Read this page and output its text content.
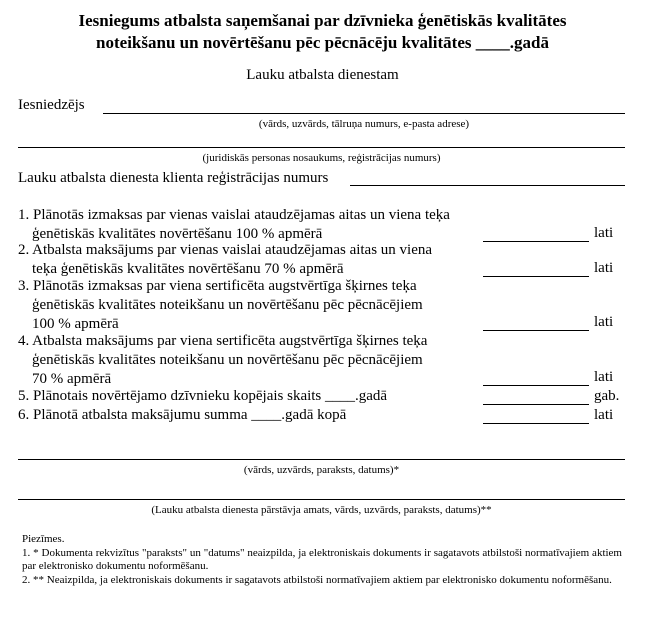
Iesniegums atbalsta saņemšanai par dzīvnieka ģenētiskās kvalitātes
noteikšanu un novērtēšanu pēc pēcnācēju kvalitātes ____.gadā
Lauku atbalsta dienestam
Iesniedzējs
(vārds, uzvārds, tālruņa numurs, e-pasta adrese)
(juridiskās personas nosaukums, reģistrācijas numurs)
Lauku atbalsta dienesta klienta reģistrācijas numurs
1. Plānotās izmaksas par vienas vaislai ataudzējamas aitas un viena teķa
ģenētiskās kvalitātes novērtēšanu 100 % apmērā	lati
2. Atbalsta maksājums par vienas vaislai ataudzējamas aitas un viena
teķa ģenētiskās kvalitātes novērtēšanu 70 % apmērā	lati
3. Plānotās izmaksas par viena sertificēta augstvērtīga šķirnes teķa
ģenētiskās kvalitātes noteikšanu un novērtēšanu pēc pēcnācējiem
100 % apmērā	lati
4. Atbalsta maksājums par viena sertificēta augstvērtīga šķirnes teķa
ģenētiskās kvalitātes noteikšanu un novērtēšanu pēc pēcnācējiem
70 % apmērā	lati
5. Plānotais novērtējamo dzīvnieku kopējais skaits ____.gadā	gab.
6. Plānotā atbalsta maksājumu summa ____.gadā kopā	lati
(vārds, uzvārds, paraksts, datums)*
(Lauku atbalsta dienesta pārstāvja amats, vārds, uzvārds, paraksts, datums)**
Piezīmes.
1. * Dokumenta rekvizītus "paraksts" un "datums" neaizpilda, ja elektroniskais dokuments ir sagatavots atbilstoši normatīvajiem aktiem par elektronisko dokumentu noformēšanu.
2. ** Neaizpilda, ja elektroniskais dokuments ir sagatavots atbilstoši normatīvajiem aktiem par elektronisko dokumentu noformēšanu.
